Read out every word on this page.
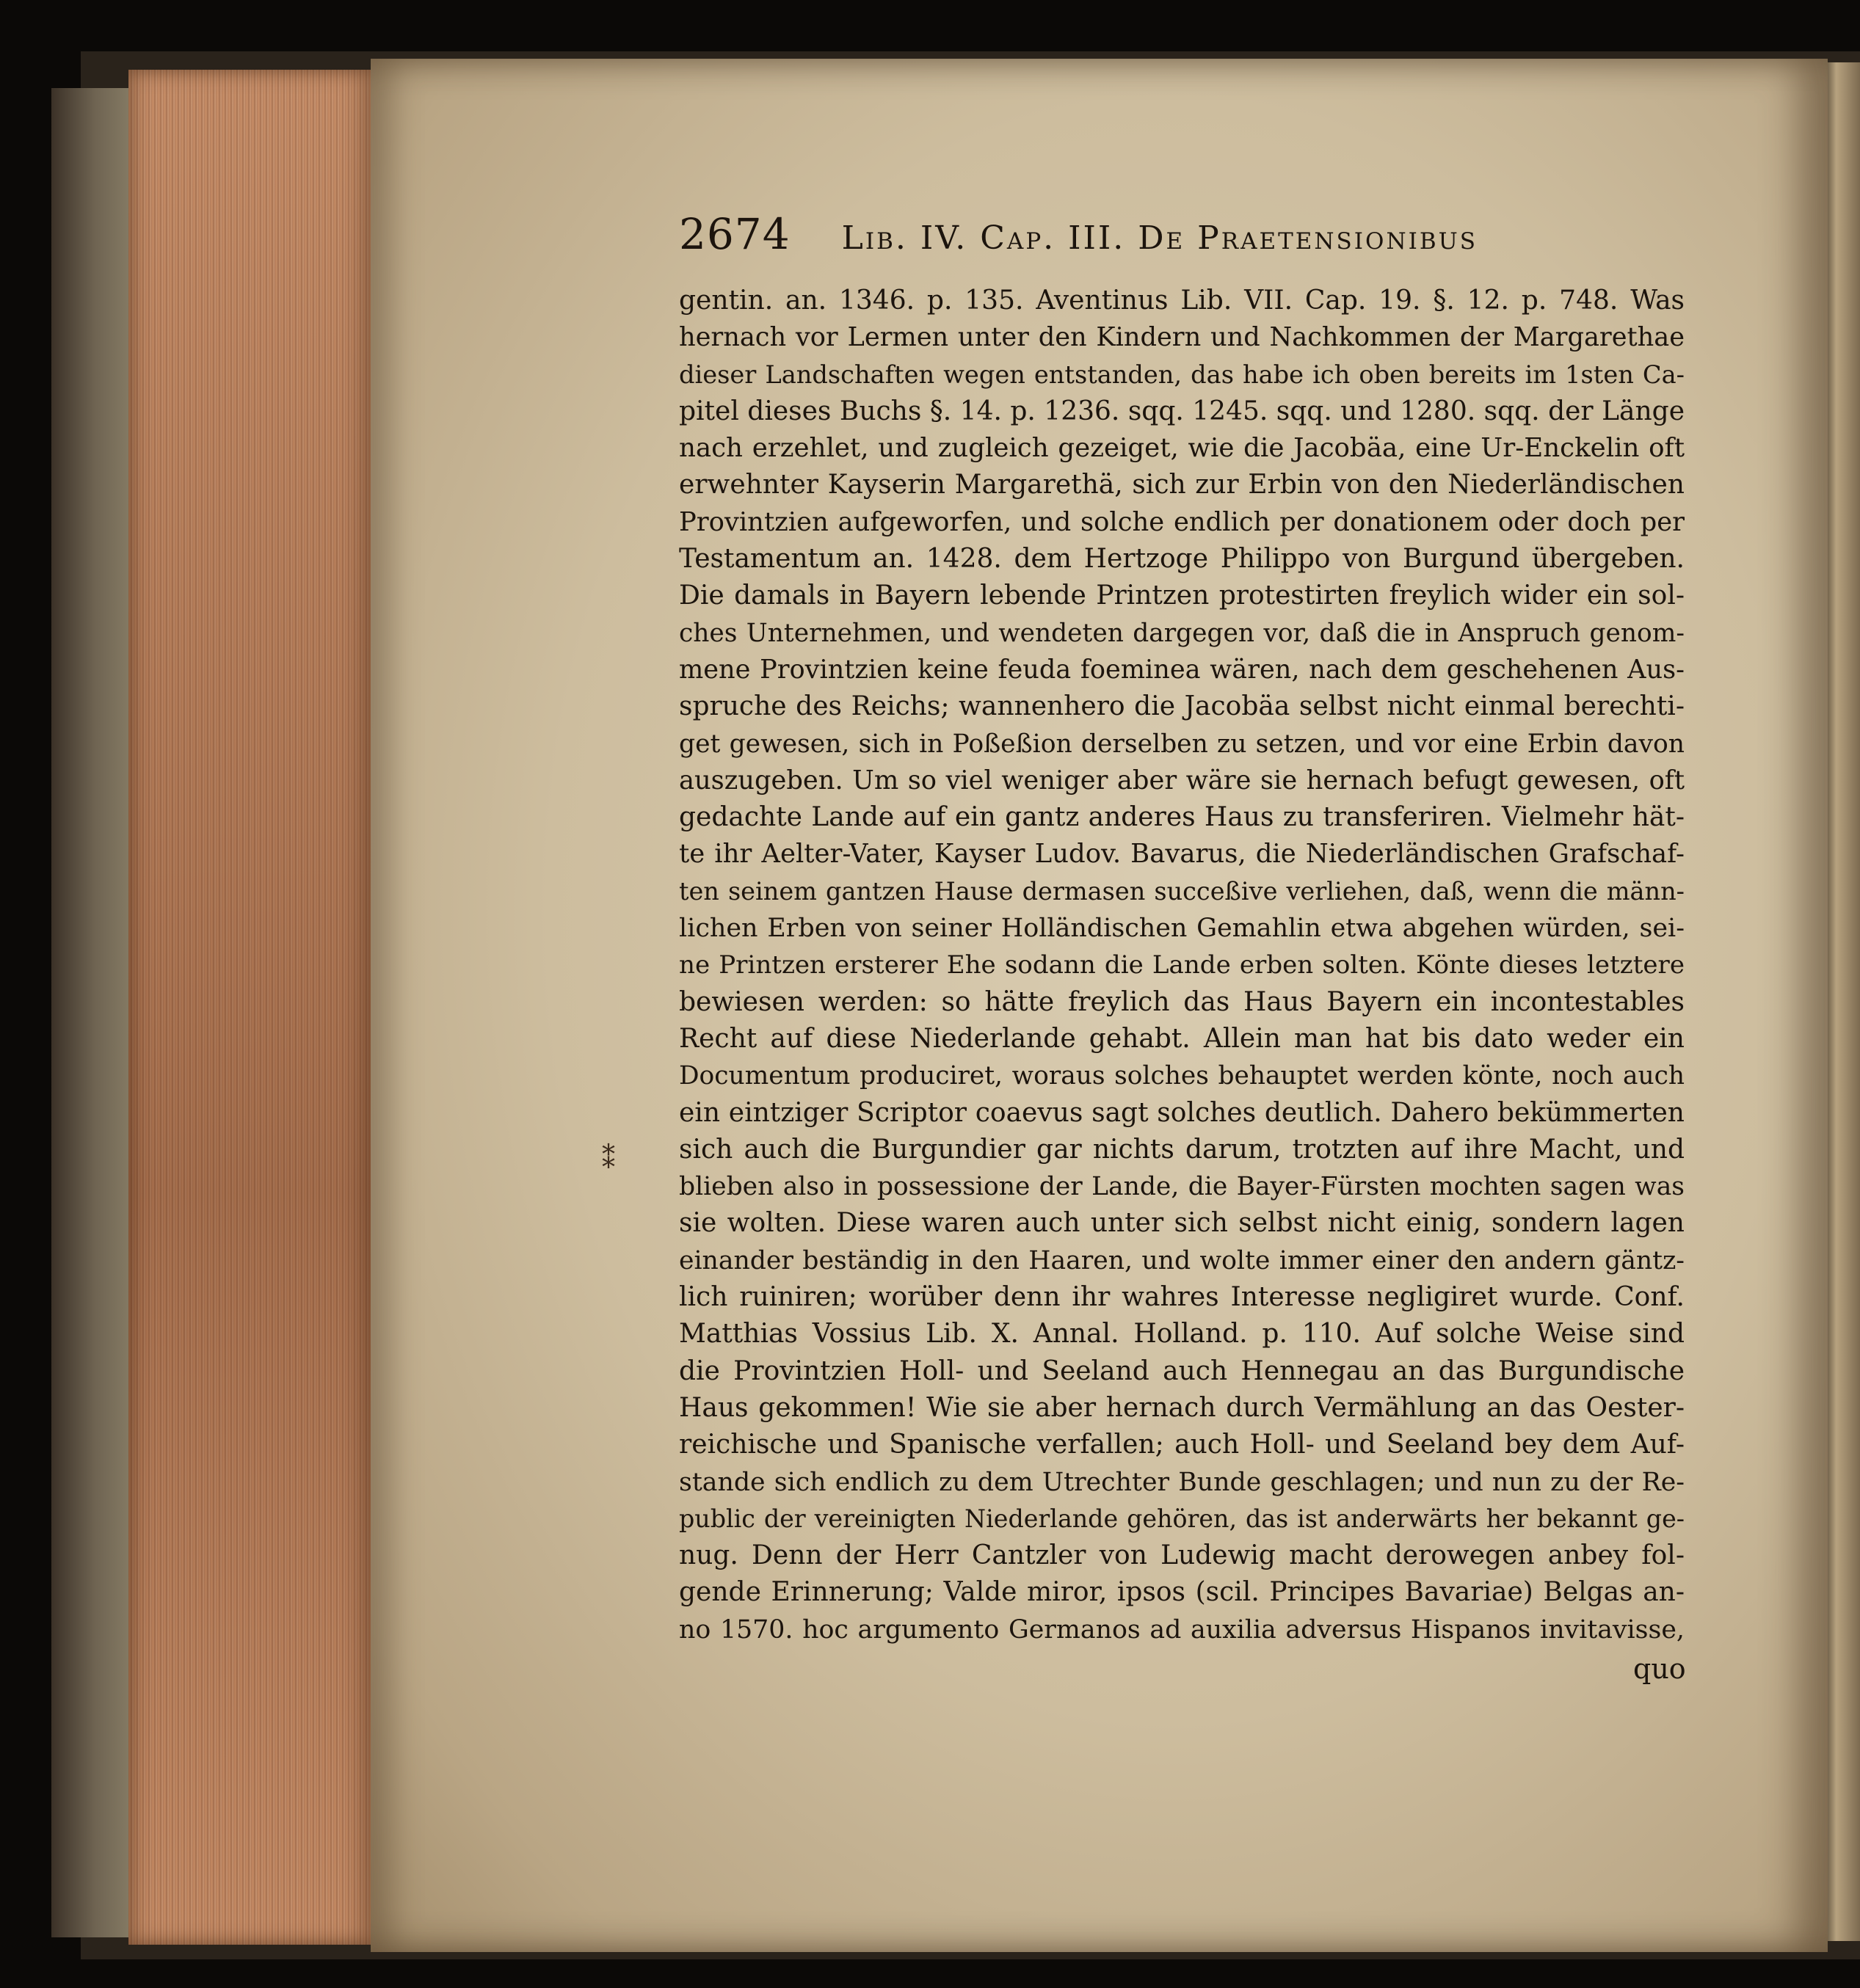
⁑
2674 Lib. IV. Cap. III. De Praetensionibus
gentin. an. 1346. p. 135. Aventinus Lib. VII. Cap. 19. §. 12. p. 748. Was
hernach vor Lermen unter den Kindern und Nachkommen der Margarethae
dieser Landschaften wegen entstanden, das habe ich oben bereits im 1sten Ca-
pitel dieses Buchs §. 14. p. 1236. sqq. 1245. sqq. und 1280. sqq. der Länge
nach erzehlet, und zugleich gezeiget, wie die Jacobäa, eine Ur-Enckelin oft
erwehnter Kayserin Margarethä, sich zur Erbin von den Niederländischen
Provintzien aufgeworfen, und solche endlich per donationem oder doch per
Testamentum an. 1428. dem Hertzoge Philippo von Burgund übergeben.
Die damals in Bayern lebende Printzen protestirten freylich wider ein sol-
ches Unternehmen, und wendeten dargegen vor, daß die in Anspruch genom-
mene Provintzien keine feuda foeminea wären, nach dem geschehenen Aus-
spruche des Reichs; wannenhero die Jacobäa selbst nicht einmal berechti-
get gewesen, sich in Poßeßion derselben zu setzen, und vor eine Erbin davon
auszugeben. Um so viel weniger aber wäre sie hernach befugt gewesen, oft
gedachte Lande auf ein gantz anderes Haus zu transferiren. Vielmehr hät-
te ihr Aelter-Vater, Kayser Ludov. Bavarus, die Niederländischen Grafschaf-
ten seinem gantzen Hause dermasen succeßive verliehen, daß, wenn die männ-
lichen Erben von seiner Holländischen Gemahlin etwa abgehen würden, sei-
ne Printzen ersterer Ehe sodann die Lande erben solten. Könte dieses letztere
bewiesen werden: so hätte freylich das Haus Bayern ein incontestables
Recht auf diese Niederlande gehabt. Allein man hat bis dato weder ein
Documentum produciret, woraus solches behauptet werden könte, noch auch
ein eintziger Scriptor coaevus sagt solches deutlich. Dahero bekümmerten
sich auch die Burgundier gar nichts darum, trotzten auf ihre Macht, und
blieben also in possessione der Lande, die Bayer-Fürsten mochten sagen was
sie wolten. Diese waren auch unter sich selbst nicht einig, sondern lagen
einander beständig in den Haaren, und wolte immer einer den andern gäntz-
lich ruiniren; worüber denn ihr wahres Interesse negligiret wurde. Conf.
Matthias Vossius Lib. X. Annal. Holland. p. 110. Auf solche Weise sind
die Provintzien Holl- und Seeland auch Hennegau an das Burgundische
Haus gekommen! Wie sie aber hernach durch Vermählung an das Oester-
reichische und Spanische verfallen; auch Holl- und Seeland bey dem Auf-
stande sich endlich zu dem Utrechter Bunde geschlagen; und nun zu der Re-
public der vereinigten Niederlande gehören, das ist anderwärts her bekannt ge-
nug. Denn der Herr Cantzler von Ludewig macht derowegen anbey fol-
gende Erinnerung; Valde miror, ipsos (scil. Principes Bavariae) Belgas an-
no 1570. hoc argumento Germanos ad auxilia adversus Hispanos invitavisse,
quo
